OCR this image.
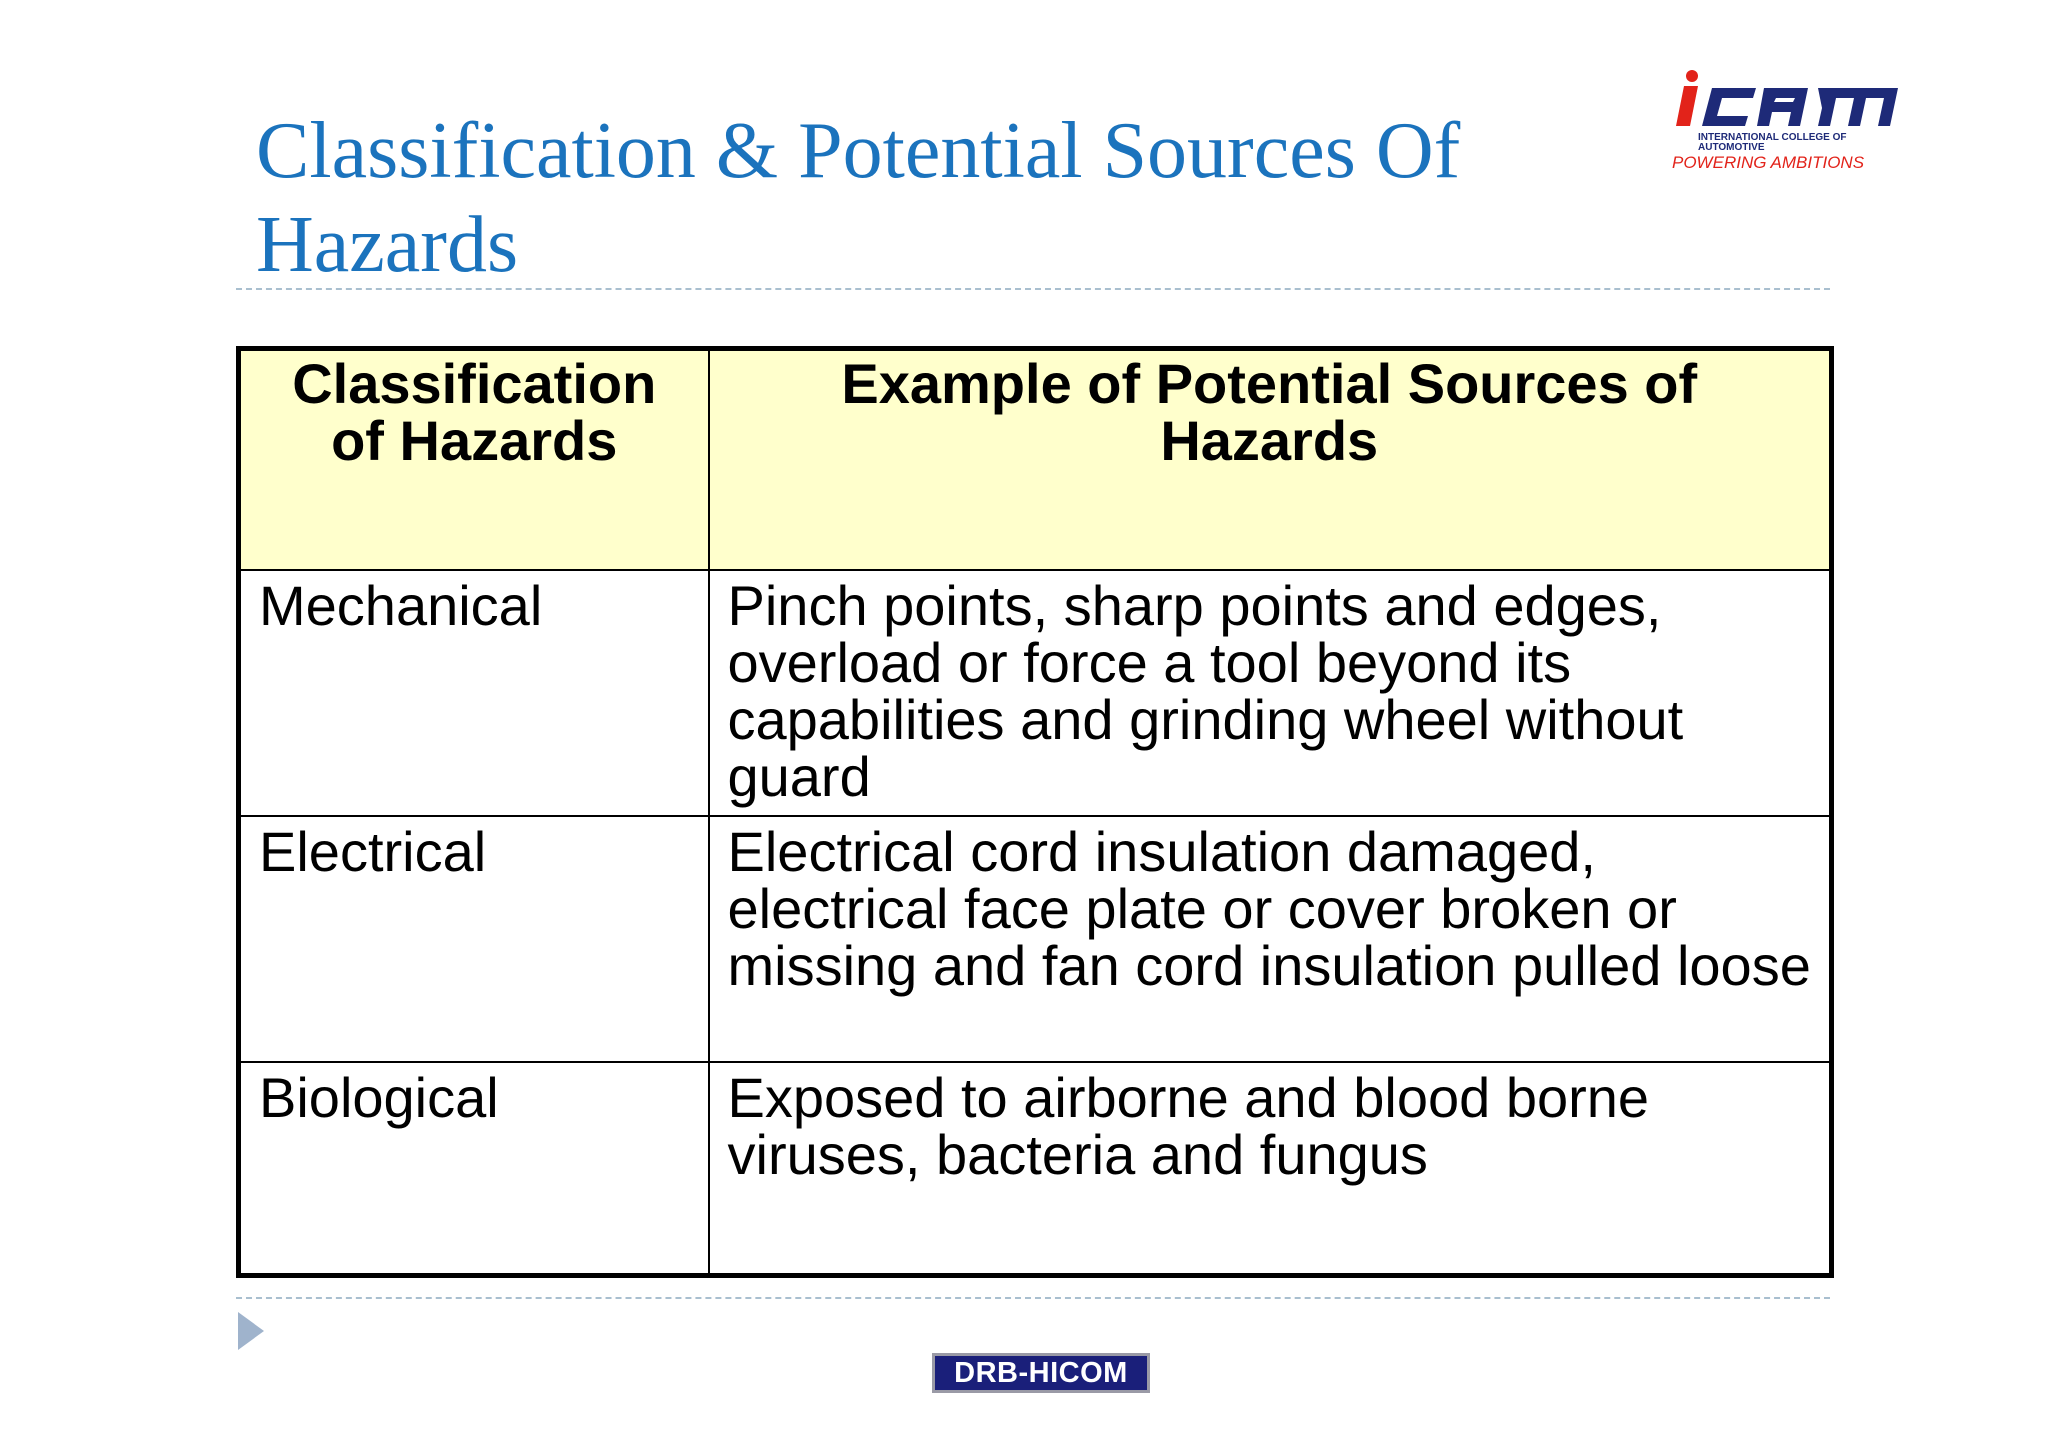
Classification & Potential Sources Of Hazards
INTERNATIONAL COLLEGE OF
AUTOMOTIVE
POWERING AMBITIONS
Classification of Hazards	Example of Potential Sources of Hazards
Mechanical	Pinch points, sharp points and edges, overload or force a tool beyond its capabilities and grinding wheel without guard
Electrical	Electrical cord insulation damaged, electrical face plate or cover broken or missing and fan cord insulation pulled loose
Biological	Exposed to airborne and blood borne viruses, bacteria and fungus
DRB-HICOM
